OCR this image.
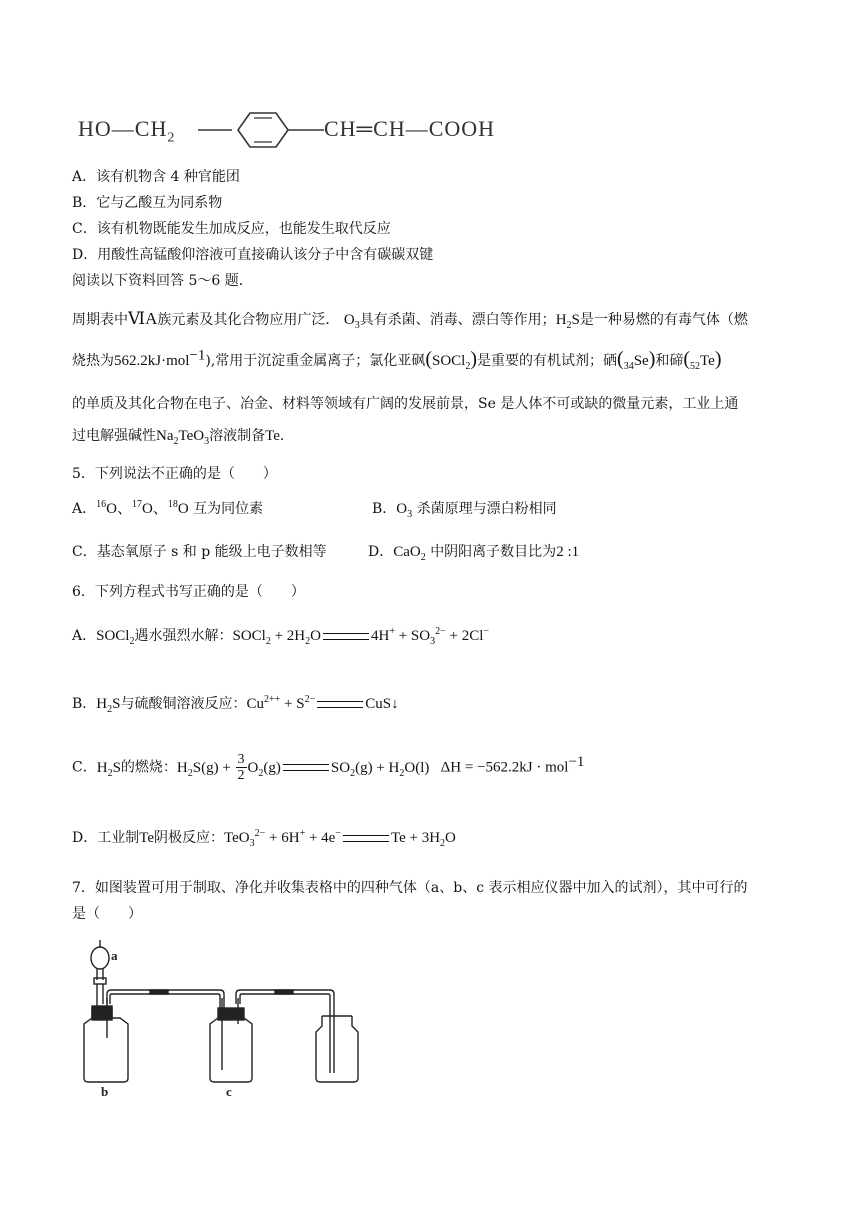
$HO—CH_2$	CH═CH—COOH
A．该有机物含 4 种官能团
B．它与乙酸互为同系物
C．该有机物既能发生加成反应，也能发生取代反应
D．用酸性高锰酸仰溶液可直接确认该分子中含有碳碳双键
阅读以下资料回答 5～6 题．
周期表中ⅥA族元素及其化合物应用广泛． $O_3$具有杀菌、消毒、漂白等作用；$H_2S$是一种易燃的有毒气体（燃
烧热为562.2kJ·mol$^{-1}$),常用于沉淀重金属离子；氯化亚砜(SOCl$_2$)是重要的有机试剂；硒$(_{34}Se)$和碲$(_{52}Te)$
的单质及其化合物在电子、冶金、材料等领域有广阔的发展前景，Se 是人体不可或缺的微量元素，工业上通
过电解强碱性$Na_2TeO_3$溶液制备Te.
5．下列说法不正确的是（　　）
A．$^{16}$O、$^{17}$O、$^{18}$O 互为同位素	B．$O_3$ 杀菌原理与漂白粉相同
C．基态氧原子 s 和 p 能级上电子数相等	D．CaO$_2$ 中阴阳离子数目比为2 :1
6．下列方程式书写正确的是（　　）
A．SOCl$_2$遇水强烈水解：SOCl$_2$ + $2H_2O$	$4H^+ + SO_3^{2-} + 2Cl^-$
B．$H_2S$与硫酸铜溶液反应：$Cu^{2++} + S^{2-}$	CuS↓
C．$H_2S$的燃烧：$H_2S(g) + \frac{3}{2} O_2(g)$	$SO_2(g) + H_2O(l) \Delta H = -562.2kJ \cdot mol^{-1}$
D．工业制Te阴极反应：TeO$_3^{2-}$ + 6H+ + 4e−	$Te + 3H_2O$
7．如图装置可用于制取、净化并收集表格中的四种气体（a、b、c 表示相应仪器中加入的试剂），其中可行的
是（　　）
a
b	c
